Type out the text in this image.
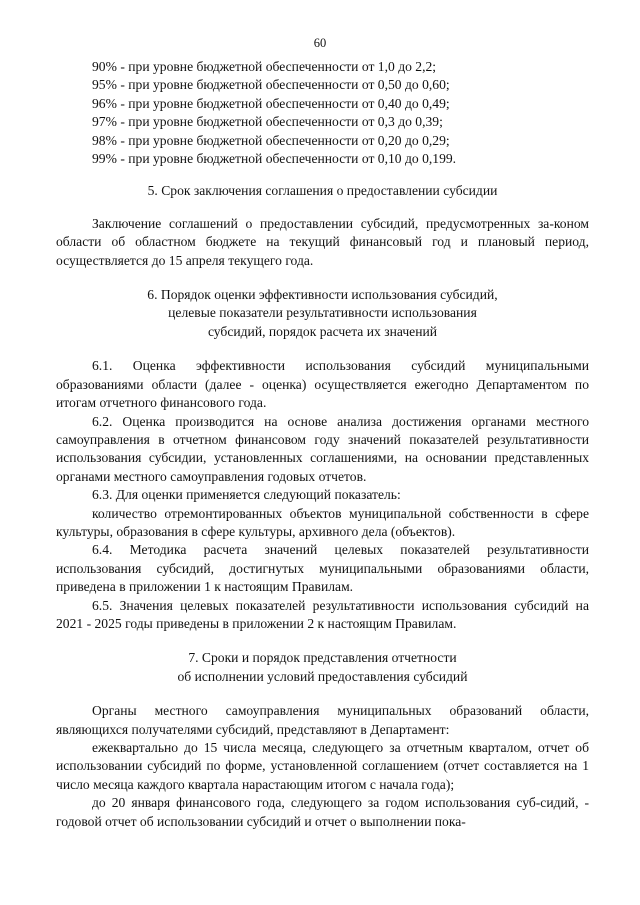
60

90% - при уровне бюджетной обеспеченности от 1,0 до 2,2;

95% - при уровне бюджетной обеспеченности от 0,50 до 0,60;

96% - при уровне бюджетной обеспеченности от 0,40 до 0,49;

97% - при уровне бюджетной обеспеченности от 0,3 до 0,39;

98% - при уровне бюджетной обеспеченности от 0,20 до 0,29;

99% - при уровне бюджетной обеспеченности от 0,10 до 0,199.

5. Срок заключения соглашения о предоставлении субсидии

Заключение соглашений о предоставлении субсидий, предусмотренных за-коном области об областном бюджете на текущий финансовый год и плановый период, осуществляется до 15 апреля текущего года.

6. Порядок оценки эффективности использования субсидий,

целевые показатели результативности использования

субсидий, порядок расчета их значений

6.1. Оценка эффективности использования субсидий муниципальными образованиями области (далее - оценка) осуществляется ежегодно Департаментом по итогам отчетного финансового года.

6.2. Оценка производится на основе анализа достижения органами местного самоуправления в отчетном финансовом году значений показателей результативности использования субсидии, установленных соглашениями, на основании представленных органами местного самоуправления годовых отчетов.

6.3. Для оценки применяется следующий показатель:

количество отремонтированных объектов муниципальной собственности в сфере культуры, образования в сфере культуры, архивного дела (объектов).

6.4. Методика расчета значений целевых показателей результативности использования субсидий, достигнутых муниципальными образованиями области, приведена в приложении 1 к настоящим Правилам.

6.5. Значения целевых показателей результативности использования субсидий на 2021 - 2025 годы приведены в приложении 2 к настоящим Правилам.

7. Сроки и порядок представления отчетности

об исполнении условий предоставления субсидий

Органы местного самоуправления муниципальных образований области, являющихся получателями субсидий, представляют в Департамент:

ежеквартально до 15 числа месяца, следующего за отчетным кварталом, отчет об использовании субсидий по форме, установленной соглашением (отчет составляется на 1 число месяца каждого квартала нарастающим итогом с начала года);

до 20 января финансового года, следующего за годом использования суб-сидий, - годовой отчет об использовании субсидий и отчет о выполнении пока-
